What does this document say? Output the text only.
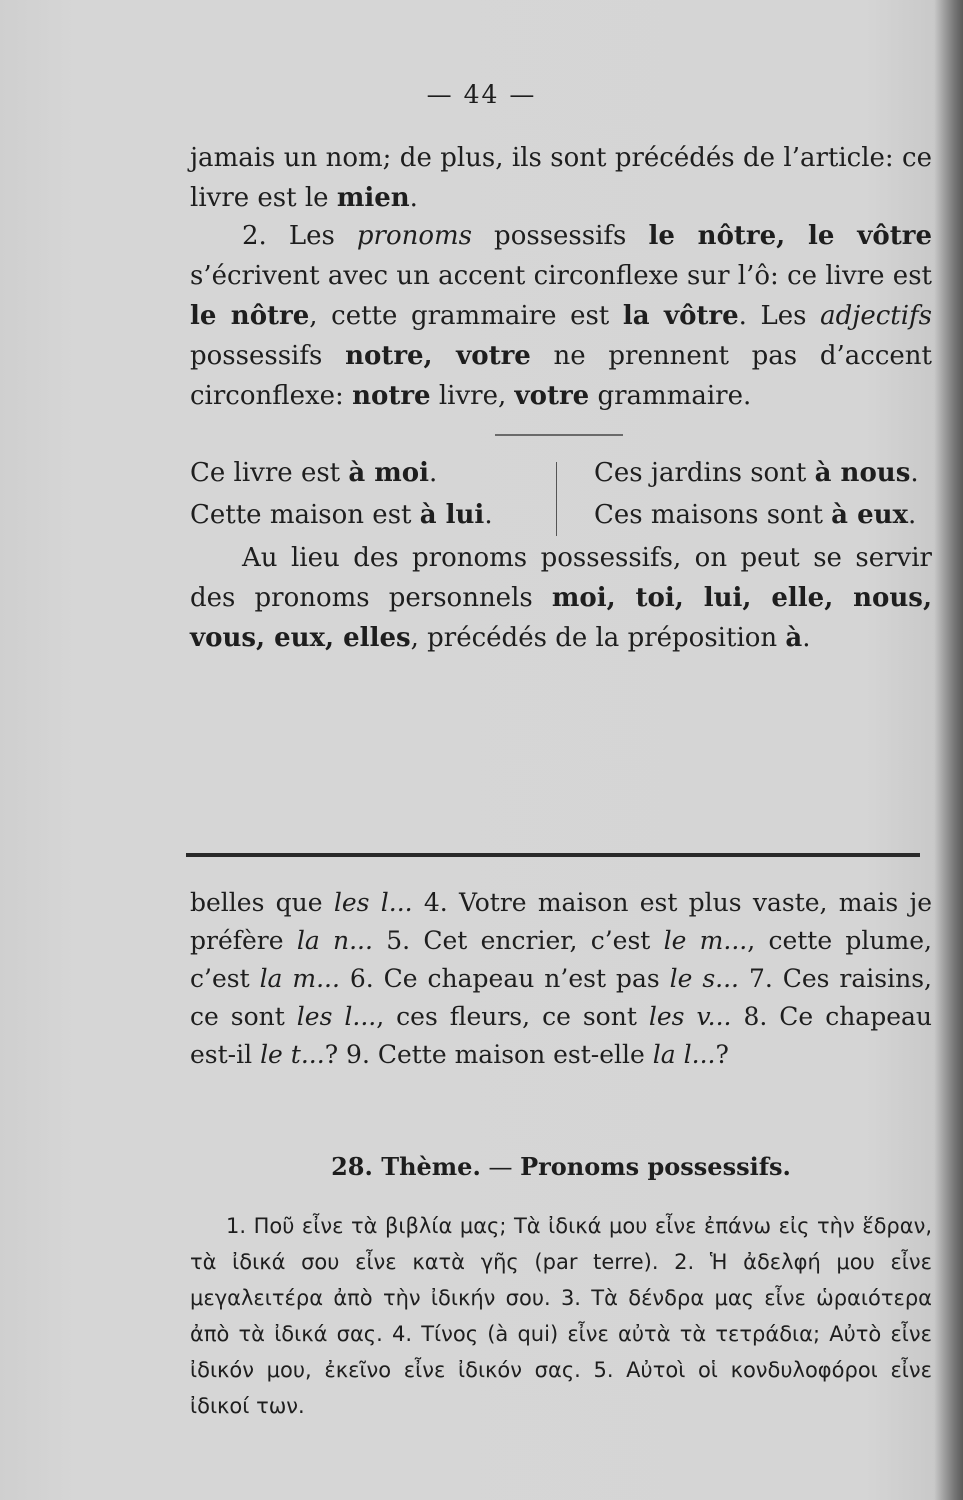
— 44 —

jamais un nom; de plus, ils sont précédés de l’article: ce livre est le mien.

2. Les pronoms possessifs le nôtre, le vôtre s’écrivent avec un accent circonflexe sur l’ô: ce livre est le nôtre, cette grammaire est la vôtre. Les adjectifs possessifs notre, votre ne prennent pas d’accent circonflexe: notre livre, votre grammaire.

Ce livre est à moi.
Cette maison est à lui.
Ces jardins sont à nous.
Ces maisons sont à eux.

Au lieu des pronoms possessifs, on peut se servir des pronoms personnels moi, toi, lui, elle, nous, vous, eux, elles, précédés de la préposition à.

belles que les l... 4. Votre maison est plus vaste, mais je préfère la n... 5. Cet encrier, c’est le m..., cette plume, c’est la m... 6. Ce chapeau n’est pas le s... 7. Ces raisins, ce sont les l..., ces fleurs, ce sont les v... 8. Ce chapeau est-il le t...? 9. Cette maison est-elle la l...?

28. Thème. — Pronoms possessifs.

1. Ποῦ εἶνε τὰ βιβλία μας; Τὰ ἰδικά μου εἶνε ἐπάνω εἰς τὴν ἕδραν, τὰ ἰδικά σου εἶνε κατὰ γῆς (par terre). 2. Ἡ ἀδελφή μου εἶνε μεγαλειτέρα ἀπὸ τὴν ἰδικήν σου. 3. Τὰ δένδρα μας εἶνε ὡραιότερα ἀπὸ τὰ ἰδικά σας. 4. Τίνος (à qui) εἶνε αὐτὰ τὰ τετράδια; Αὐτὸ εἶνε ἰδικόν μου, ἐκεῖνο εἶνε ἰδικόν σας. 5. Αὐτοὶ οἱ κονδυλοφόροι εἶνε ἰδικοί των.
